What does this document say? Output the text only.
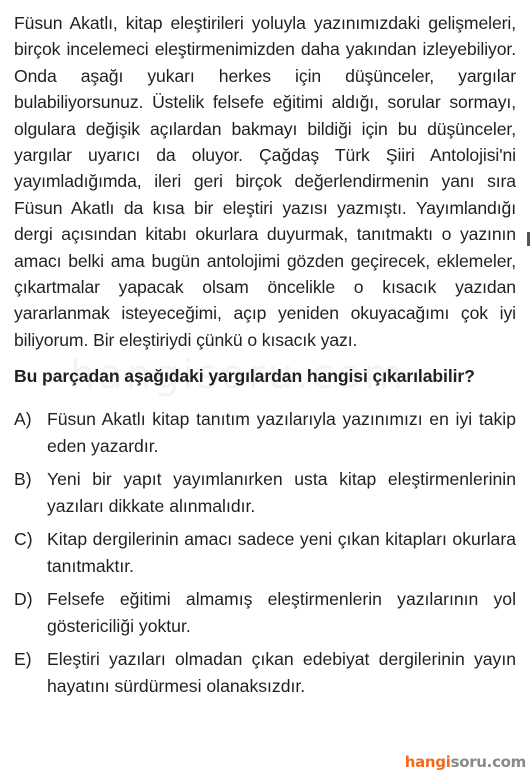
Füsun Akatlı, kitap eleştirileri yoluyla yazınımızdaki gelişmeleri, birçok incelemeci eleştirmenimizden daha yakından izleyebiliyor. Onda aşağı yukarı herkes için düşünceler, yargılar bulabiliyorsunuz. Üstelik felsefe eğitimi aldığı, sorular sormayı, olgulara değişik açılardan bakmayı bildiği için bu düşünceler, yargılar uyarıcı da oluyor. Çağdaş Türk Şiiri Antolojisi'ni yayımladığımda, ileri geri birçok değerlendirmenin yanı sıra Füsun Akatlı da kısa bir eleştiri yazısı yazmıştı. Yayımlandığı dergi açısından kitabı okurlara duyurmak, tanıtmaktı o yazının amacı belki ama bugün antolojimi gözden geçirecek, eklemeler, çıkartmalar yapacak olsam öncelikle o kısacık yazıdan yararlanmak isteyeceğimi, açıp yeniden okuyacağımı çok iyi biliyorum. Bir eleştiriydi çünkü o kısacık yazı.

Bu parçadan aşağıdaki yargılardan hangisi çıkarılabilir?

A) Füsun Akatlı kitap tanıtım yazılarıyla yazınımızı en iyi takip eden yazardır.
B) Yeni bir yapıt yayımlanırken usta kitap eleştirmenlerinin yazıları dikkate alınmalıdır.
C) Kitap dergilerinin amacı sadece yeni çıkan kitapları okurlara tanıtmaktır.
D) Felsefe eğitimi almamış eleştirmenlerin yazılarının yol göstericiliği yoktur.
E) Eleştiri yazıları olmadan çıkan edebiyat dergilerinin yayın hayatını sürdürmesi olanaksızdır.
hangisoru.com
